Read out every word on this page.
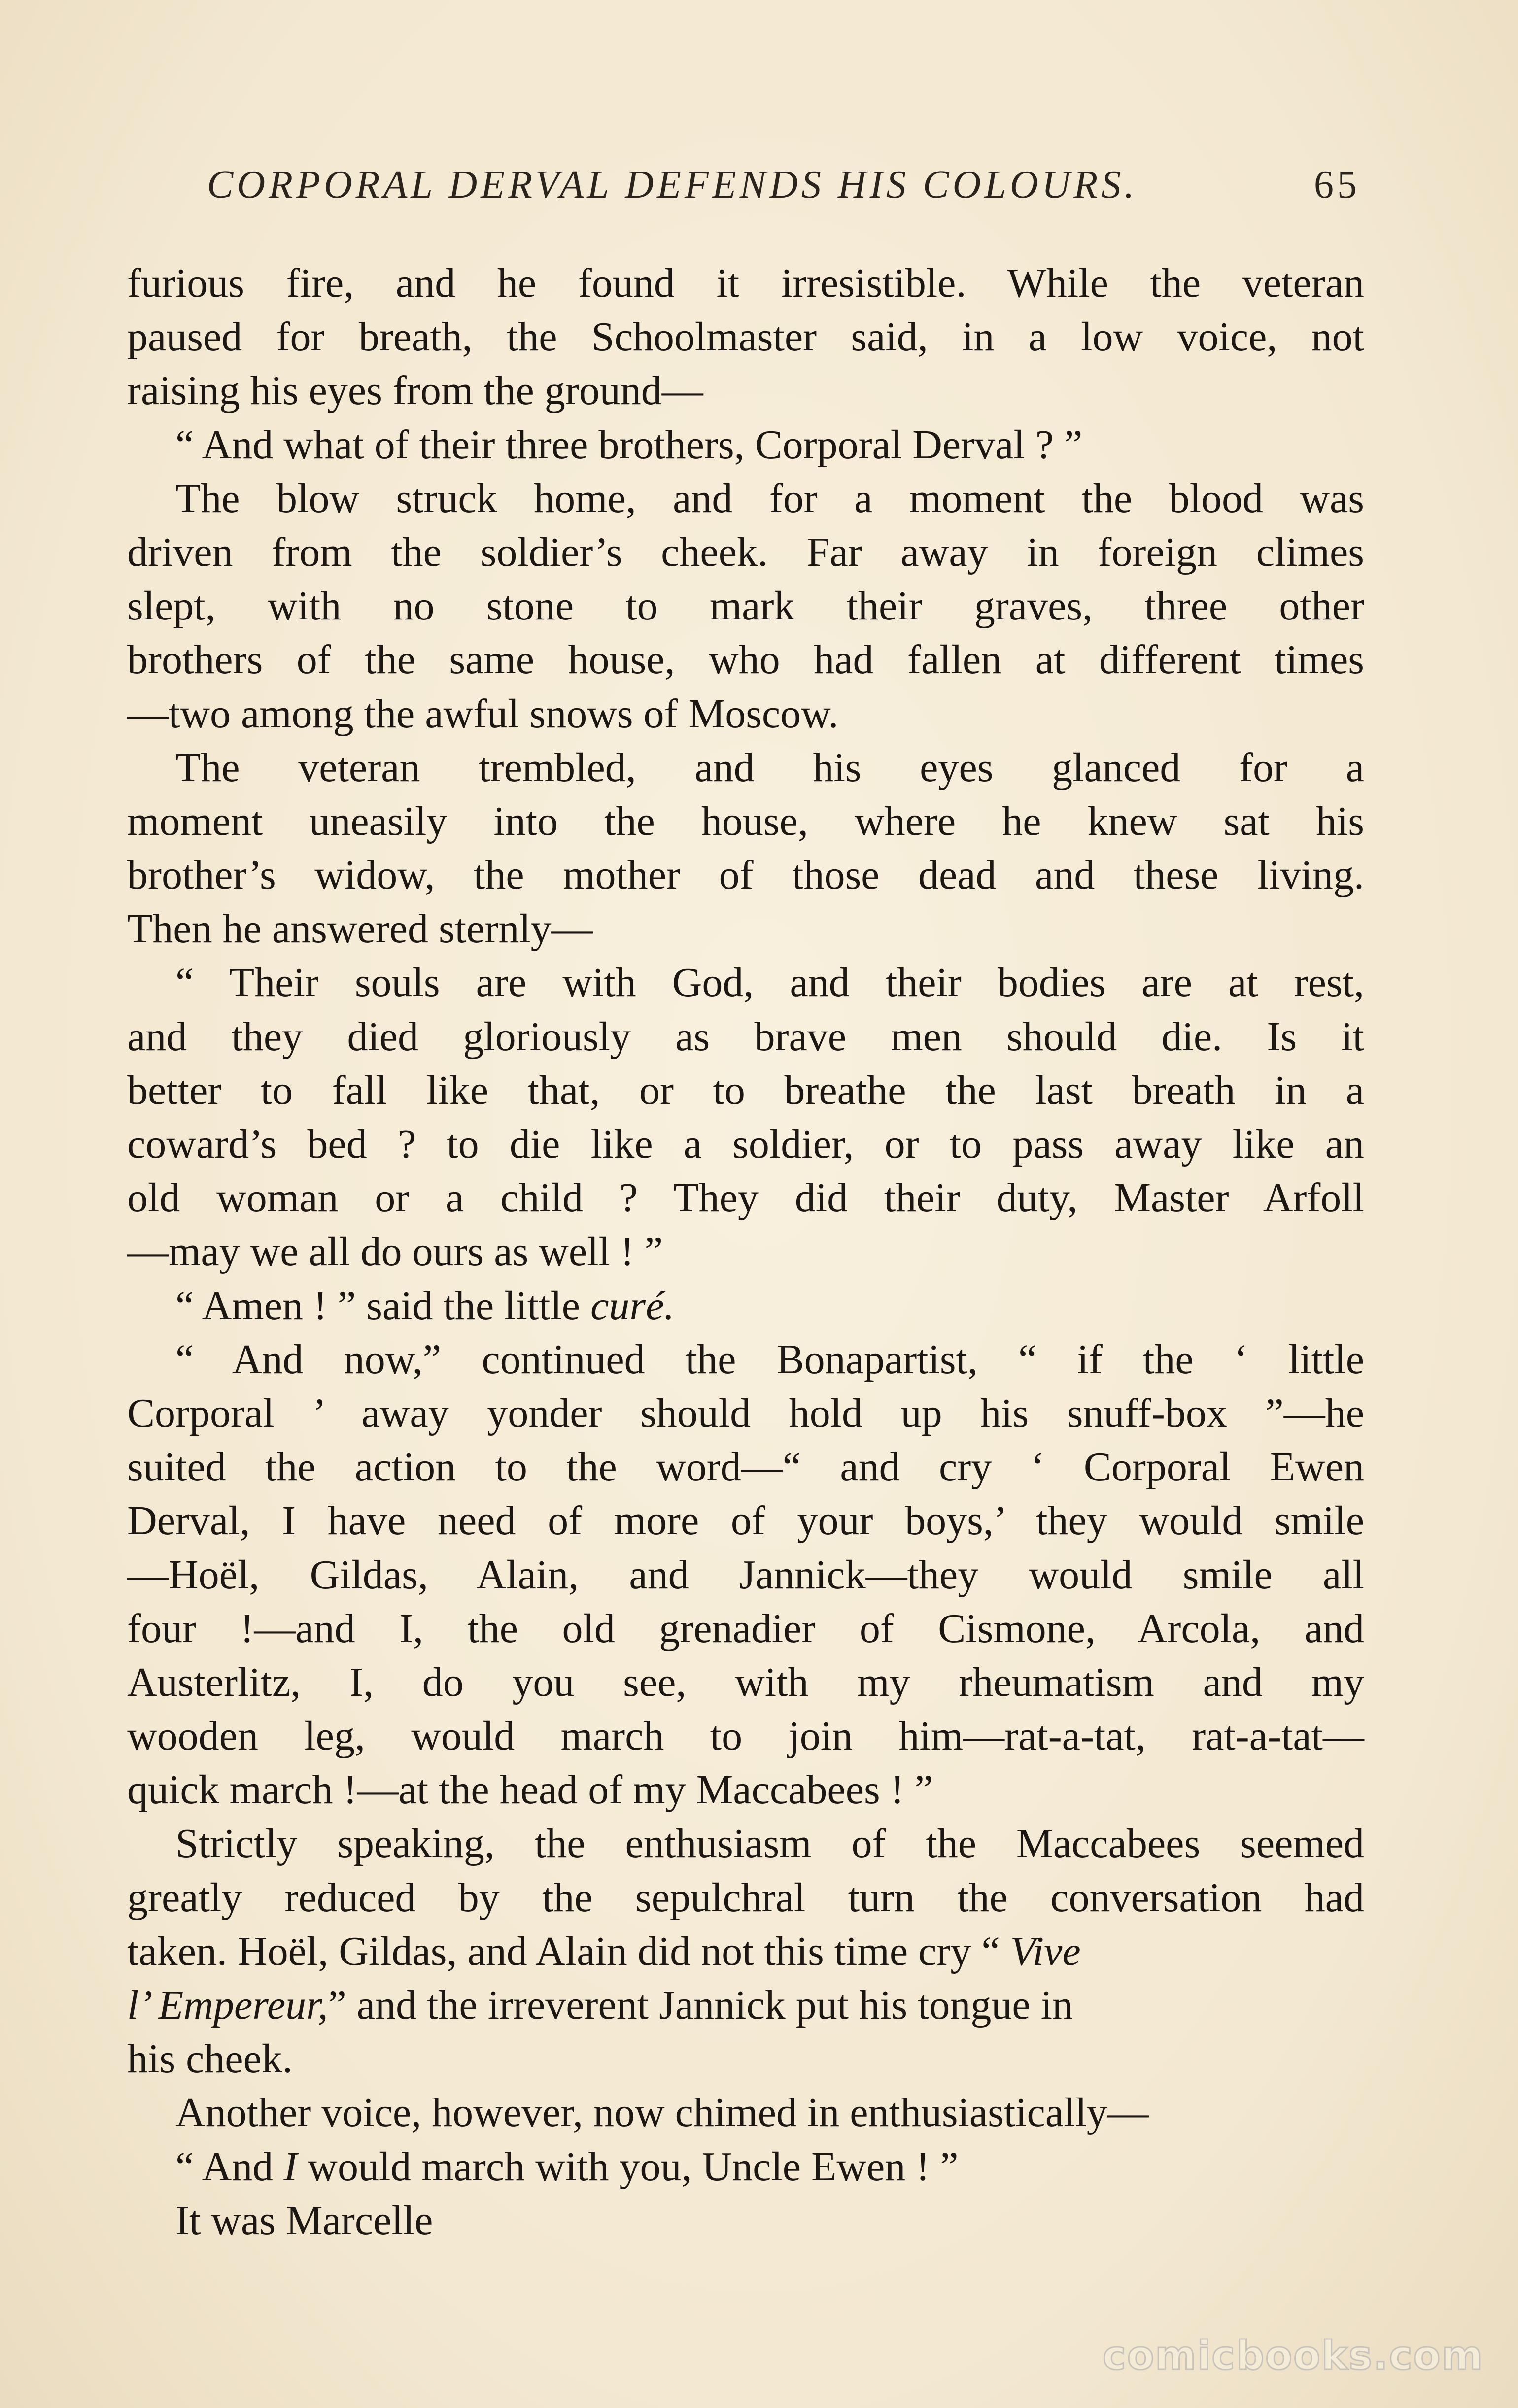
CORPORAL DERVAL DEFENDS HIS COLOURS.	65
furious fire, and he found it irresistible. While the veteran
paused for breath, the Schoolmaster said, in a low voice, not
raising his eyes from the ground—
“ And what of their three brothers, Corporal Derval ? ”
The blow struck home, and for a moment the blood was
driven from the soldier’s cheek. Far away in foreign climes
slept, with no stone to mark their graves, three other
brothers of the same house, who had fallen at different times
—two among the awful snows of Moscow.
The veteran trembled, and his eyes glanced for a
moment uneasily into the house, where he knew sat his
brother’s widow, the mother of those dead and these living.
Then he answered sternly—
“ Their souls are with God, and their bodies are at rest,
and they died gloriously as brave men should die. Is it
better to fall like that, or to breathe the last breath in a
coward’s bed ? to die like a soldier, or to pass away like an
old woman or a child ? They did their duty, Master Arfoll
—may we all do ours as well ! ”
“ Amen ! ” said the little curé.
“ And now,” continued the Bonapartist, “ if the ‘ little
Corporal ’ away yonder should hold up his snuff-box ”—he
suited the action to the word—“ and cry ‘ Corporal Ewen
Derval, I have need of more of your boys,’ they would smile
—Hoël, Gildas, Alain, and Jannick—they would smile all
four !—and I, the old grenadier of Cismone, Arcola, and
Austerlitz, I, do you see, with my rheumatism and my
wooden leg, would march to join him—rat-a-tat, rat-a-tat—
quick march !—at the head of my Maccabees ! ”
Strictly speaking, the enthusiasm of the Maccabees seemed
greatly reduced by the sepulchral turn the conversation had
taken. Hoël, Gildas, and Alain did not this time cry “ Vive
l’ Empereur,” and the irreverent Jannick put his tongue in
his cheek.
Another voice, however, now chimed in enthusiastically—
“ And I would march with you, Uncle Ewen ! ”
It was Marcelle
comicbooks.com
